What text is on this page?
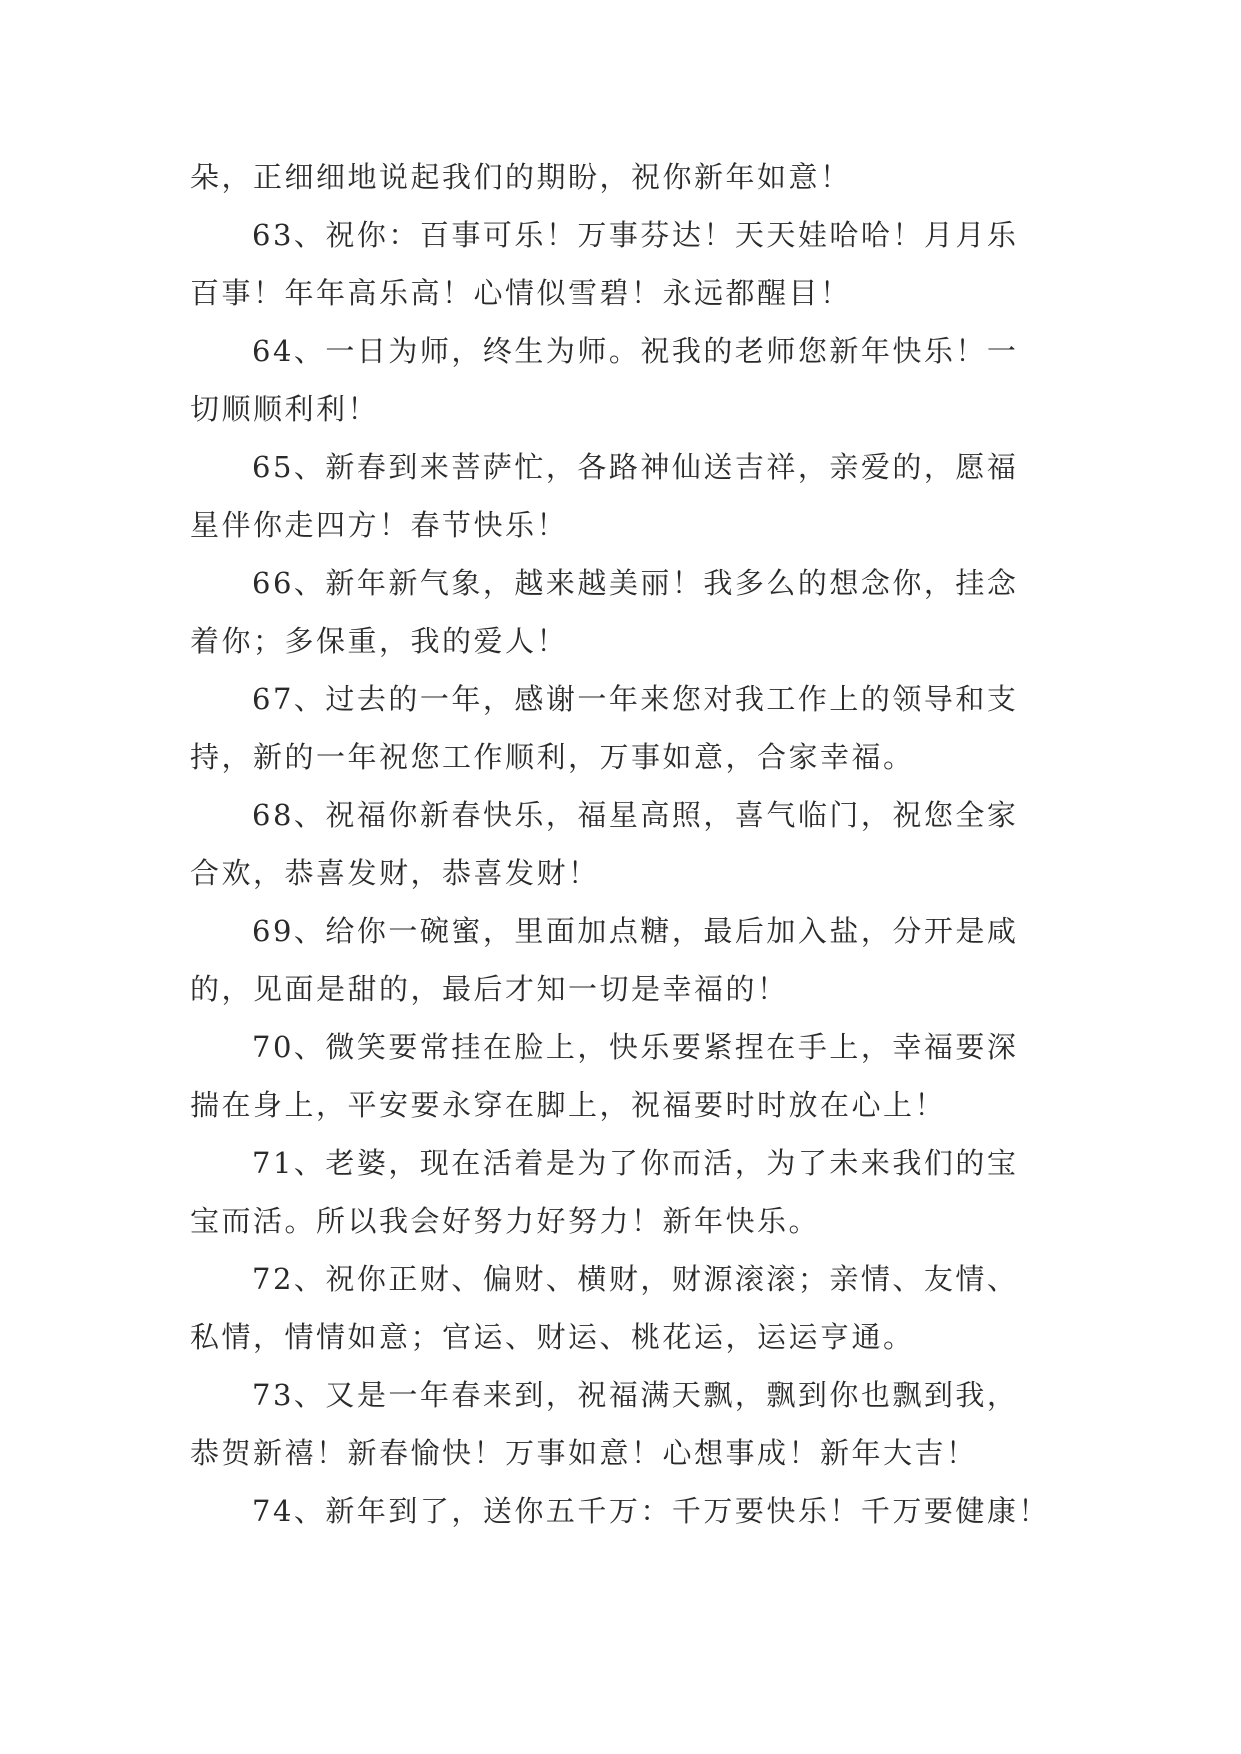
朵，正细细地说起我们的期盼，祝你新年如意！

63、祝你：百事可乐！万事芬达！天天娃哈哈！月月乐
百事！年年高乐高！心情似雪碧！永远都醒目！

64、一日为师，终生为师。祝我的老师您新年快乐！一
切顺顺利利！

65、新春到来菩萨忙，各路神仙送吉祥，亲爱的，愿福
星伴你走四方！春节快乐！

66、新年新气象，越来越美丽！我多么的想念你，挂念
着你；多保重，我的爱人！

67、过去的一年，感谢一年来您对我工作上的领导和支
持，新的一年祝您工作顺利，万事如意，合家幸福。

68、祝福你新春快乐，福星高照，喜气临门，祝您全家
合欢，恭喜发财，恭喜发财！

69、给你一碗蜜，里面加点糖，最后加入盐，分开是咸
的，见面是甜的，最后才知一切是幸福的！

70、微笑要常挂在脸上，快乐要紧捏在手上，幸福要深
揣在身上，平安要永穿在脚上，祝福要时时放在心上！

71、老婆，现在活着是为了你而活，为了未来我们的宝
宝而活。所以我会好努力好努力！新年快乐。

72、祝你正财、偏财、横财，财源滚滚；亲情、友情、
私情，情情如意；官运、财运、桃花运，运运亨通。

73、又是一年春来到，祝福满天飘，飘到你也飘到我，
恭贺新禧！新春愉快！万事如意！心想事成！新年大吉！

74、新年到了，送你五千万：千万要快乐！千万要健康！
